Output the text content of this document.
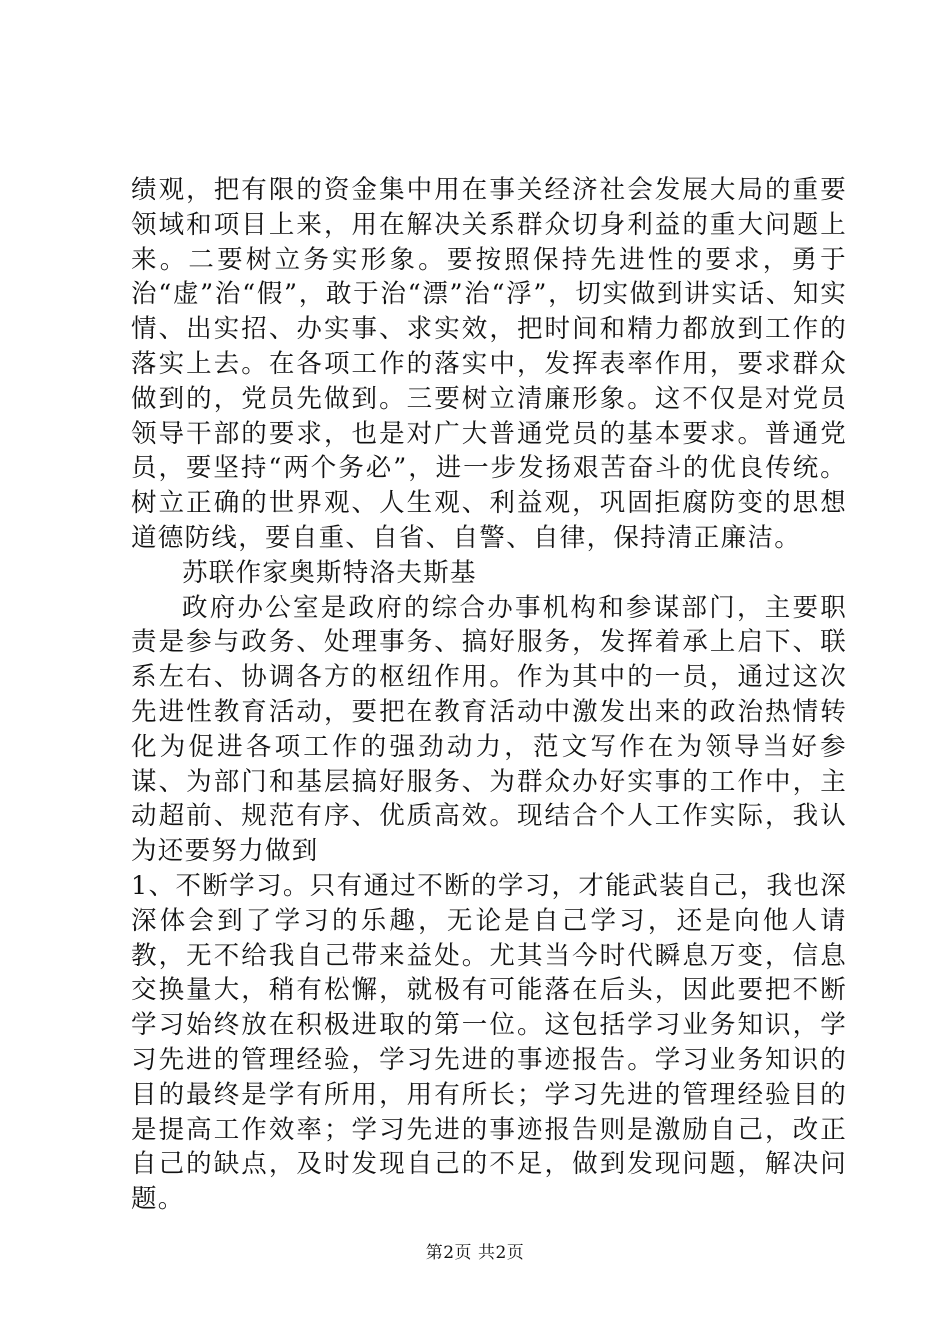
绩观，把有限的资金集中用在事关经济社会发展大局的重要领域和项目上来，用在解决关系群众切身利益的重大问题上来。二要树立务实形象。要按照保持先进性的要求，勇于治“虚”治“假”，敢于治“漂”治“浮”，切实做到讲实话、知实情、出实招、办实事、求实效，把时间和精力都放到工作的落实上去。在各项工作的落实中，发挥表率作用，要求群众做到的，党员先做到。三要树立清廉形象。这不仅是对党员领导干部的要求，也是对广大普通党员的基本要求。普通党员，要坚持“两个务必”，进一步发扬艰苦奋斗的优良传统。树立正确的世界观、人生观、利益观，巩固拒腐防变的思想道德防线，要自重、自省、自警、自律，保持清正廉洁。

苏联作家奥斯特洛夫斯基

政府办公室是政府的综合办事机构和参谋部门，主要职责是参与政务、处理事务、搞好服务，发挥着承上启下、联系左右、协调各方的枢纽作用。作为其中的一员，通过这次先进性教育活动，要把在教育活动中激发出来的政治热情转化为促进各项工作的强劲动力，范文写作在为领导当好参谋、为部门和基层搞好服务、为群众办好实事的工作中，主动超前、规范有序、优质高效。现结合个人工作实际，我认为还要努力做到

1、不断学习。只有通过不断的学习，才能武装自己，我也深深体会到了学习的乐趣，无论是自己学习，还是向他人请教，无不给我自己带来益处。尤其当今时代瞬息万变，信息交换量大，稍有松懈，就极有可能落在后头，因此要把不断学习始终放在积极进取的第一位。这包括学习业务知识，学习先进的管理经验，学习先进的事迹报告。学习业务知识的目的最终是学有所用，用有所长；学习先进的管理经验目的是提高工作效率；学习先进的事迹报告则是激励自己，改正自己的缺点，及时发现自己的不足，做到发现问题，解决问题。

第2页 共2页
